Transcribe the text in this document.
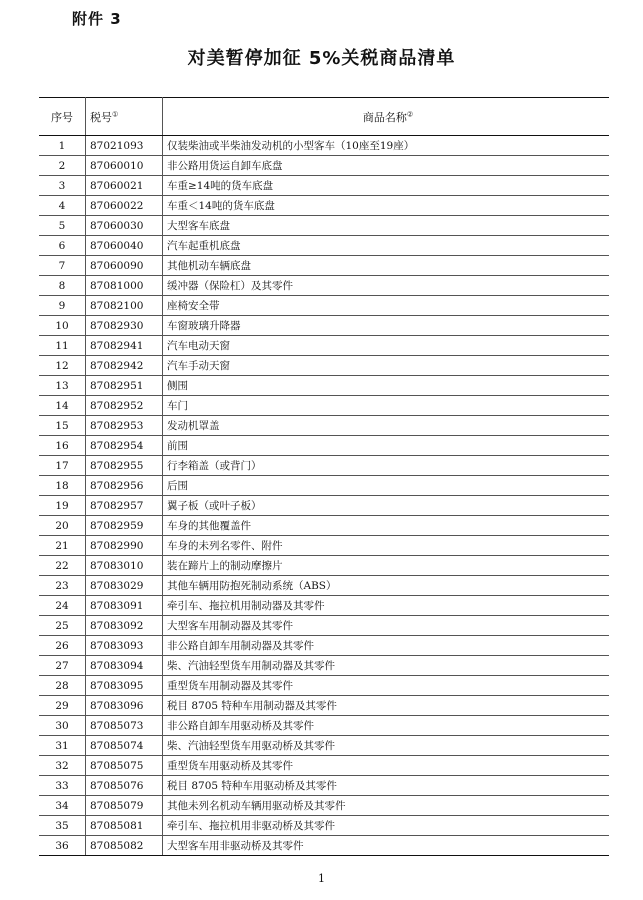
附件 3
对美暂停加征 5%关税商品清单
序号	税号①	商品名称②
1	87021093	仅装柴油或半柴油发动机的小型客车（10座至19座）
2	87060010	非公路用货运自卸车底盘
3	87060021	车重≥14吨的货车底盘
4	87060022	车重＜14吨的货车底盘
5	87060030	大型客车底盘
6	87060040	汽车起重机底盘
7	87060090	其他机动车辆底盘
8	87081000	缓冲器（保险杠）及其零件
9	87082100	座椅安全带
10	87082930	车窗玻璃升降器
11	87082941	汽车电动天窗
12	87082942	汽车手动天窗
13	87082951	侧围
14	87082952	车门
15	87082953	发动机罩盖
16	87082954	前围
17	87082955	行李箱盖（或背门）
18	87082956	后围
19	87082957	翼子板（或叶子板）
20	87082959	车身的其他覆盖件
21	87082990	车身的未列名零件、附件
22	87083010	装在蹄片上的制动摩擦片
23	87083029	其他车辆用防抱死制动系统（ABS）
24	87083091	牵引车、拖拉机用制动器及其零件
25	87083092	大型客车用制动器及其零件
26	87083093	非公路自卸车用制动器及其零件
27	87083094	柴、汽油轻型货车用制动器及其零件
28	87083095	重型货车用制动器及其零件
29	87083096	税目 8705 特种车用制动器及其零件
30	87085073	非公路自卸车用驱动桥及其零件
31	87085074	柴、汽油轻型货车用驱动桥及其零件
32	87085075	重型货车用驱动桥及其零件
33	87085076	税目 8705 特种车用驱动桥及其零件
34	87085079	其他未列名机动车辆用驱动桥及其零件
35	87085081	牵引车、拖拉机用非驱动桥及其零件
36	87085082	大型客车用非驱动桥及其零件
1
